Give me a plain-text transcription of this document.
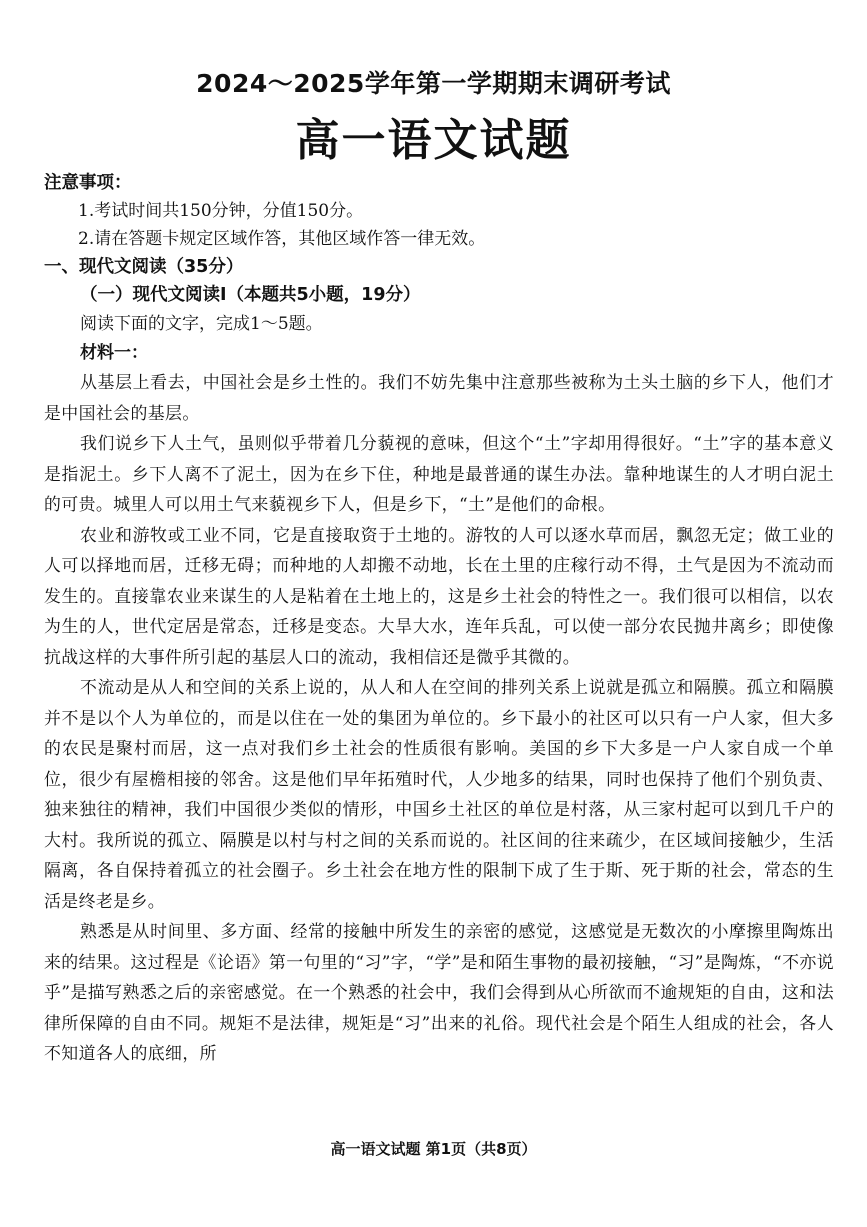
2024～2025学年第一学期期末调研考试
高一语文试题

注意事项：

1.考试时间共150分钟，分值150分。

2.请在答题卡规定区域作答，其他区域作答一律无效。

一、现代文阅读（35分）

（一）现代文阅读Ⅰ（本题共5小题，19分）

阅读下面的文字，完成1～5题。

材料一：

从基层上看去，中国社会是乡土性的。我们不妨先集中注意那些被称为土头土脑的乡下人，他们才是中国社会的基层。

我们说乡下人土气，虽则似乎带着几分藐视的意味，但这个“土”字却用得很好。“土”字的基本意义是指泥土。乡下人离不了泥土，因为在乡下住，种地是最普通的谋生办法。靠种地谋生的人才明白泥土的可贵。城里人可以用土气来藐视乡下人，但是乡下，“土”是他们的命根。

农业和游牧或工业不同，它是直接取资于土地的。游牧的人可以逐水草而居，飘忽无定；做工业的人可以择地而居，迁移无碍；而种地的人却搬不动地，长在土里的庄稼行动不得，土气是因为不流动而发生的。直接靠农业来谋生的人是粘着在土地上的，这是乡土社会的特性之一。我们很可以相信，以农为生的人，世代定居是常态，迁移是变态。大旱大水，连年兵乱，可以使一部分农民抛井离乡；即使像抗战这样的大事件所引起的基层人口的流动，我相信还是微乎其微的。

不流动是从人和空间的关系上说的，从人和人在空间的排列关系上说就是孤立和隔膜。孤立和隔膜并不是以个人为单位的，而是以住在一处的集团为单位的。乡下最小的社区可以只有一户人家，但大多的农民是聚村而居，这一点对我们乡土社会的性质很有影响。美国的乡下大多是一户人家自成一个单位，很少有屋檐相接的邻舍。这是他们早年拓殖时代，人少地多的结果，同时也保持了他们个别负责、独来独往的精神，我们中国很少类似的情形，中国乡土社区的单位是村落，从三家村起可以到几千户的大村。我所说的孤立、隔膜是以村与村之间的关系而说的。社区间的往来疏少，在区域间接触少，生活隔离，各自保持着孤立的社会圈子。乡土社会在地方性的限制下成了生于斯、死于斯的社会，常态的生活是终老是乡。

熟悉是从时间里、多方面、经常的接触中所发生的亲密的感觉，这感觉是无数次的小摩擦里陶炼出来的结果。这过程是《论语》第一句里的“习”字，“学”是和陌生事物的最初接触，“习”是陶炼，“不亦说乎”是描写熟悉之后的亲密感觉。在一个熟悉的社会中，我们会得到从心所欲而不逾规矩的自由，这和法律所保障的自由不同。规矩不是法律，规矩是“习”出来的礼俗。现代社会是个陌生人组成的社会，各人不知道各人的底细，所

高一语文试题 第1页（共8页）
